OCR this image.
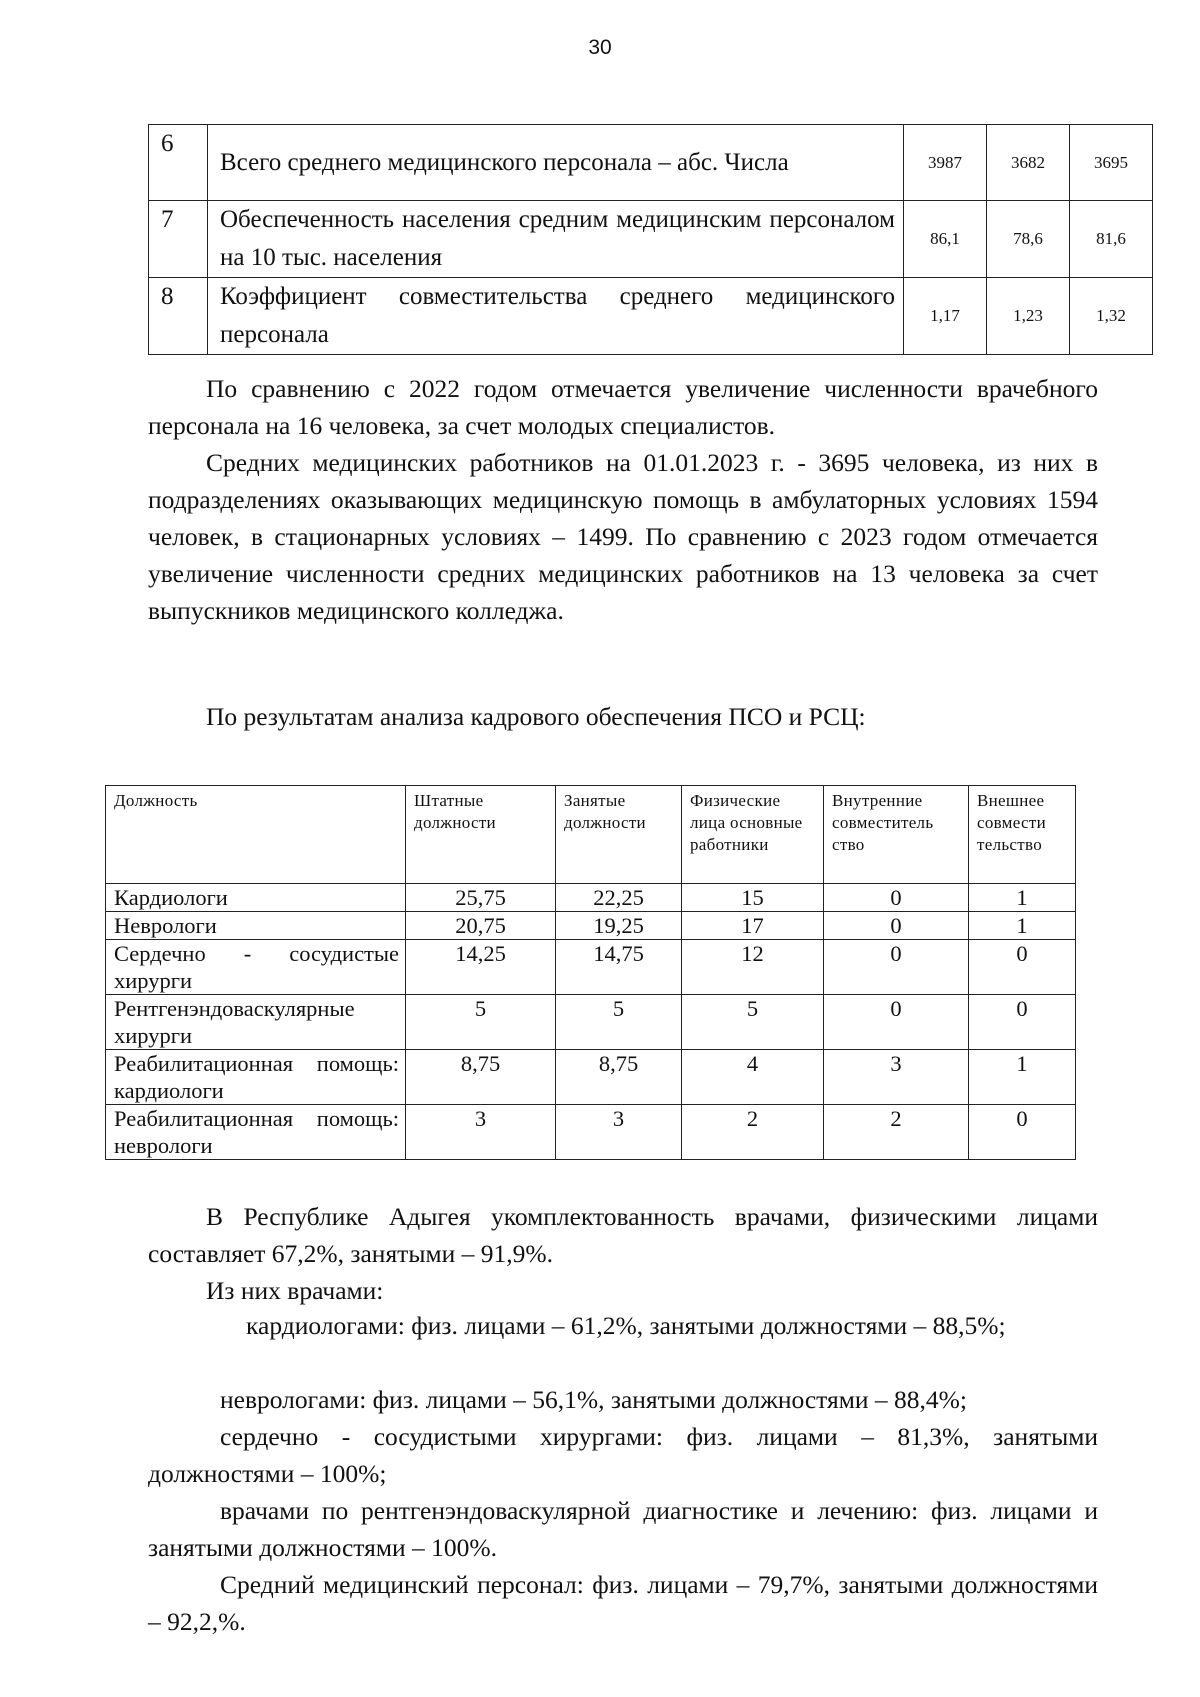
30
6	Всего среднего медицинского персонала – абс. Числа	3987	3682	3695
7	Обеспеченность населения средним медицинским персоналом на 10 тыс. населения	86,1	78,6	81,6
8	Коэффициент совместительства среднего медицинского персонала	1,17	1,23	1,32

По сравнению с 2022 годом отмечается увеличение численности врачебного персонала на 16 человека, за счет молодых специалистов.

Средних медицинских работников на 01.01.2023 г. - 3695 человека, из них в подразделениях оказывающих медицинскую помощь в амбулаторных условиях 1594 человек, в стационарных условиях – 1499. По сравнению с 2023 годом отмечается увеличение численности средних медицинских работников на 13 человека за счет выпускников медицинского колледжа.

По результатам анализа кадрового обеспечения ПСО и РСЦ:

Должность	Штатные должности	Занятые должности	Физические лица основные работники	Внутренние совместитель ство	Внешнее совмести тельство
Кардиологи	25,75	22,25	15	0	1
Неврологи	20,75	19,25	17	0	1
Сердечно - сосудистые хирурги	14,25	14,75	12	0	0
Рентгенэндоваскулярные хирурги	5	5	5	0	0
Реабилитационная помощь: кардиологи	8,75	8,75	4	3	1
Реабилитационная помощь: неврологи	3	3	2	2	0

В Республике Адыгея укомплектованность врачами, физическими лицами составляет 67,2%, занятыми – 91,9%.

Из них врачами:

кардиологами: физ. лицами – 61,2%, занятыми должностями – 88,5%;

неврологами: физ. лицами – 56,1%, занятыми должностями – 88,4%;

сердечно - сосудистыми хирургами: физ. лицами – 81,3%, занятыми должностями – 100%;

врачами по рентгенэндоваскулярной диагностике и лечению: физ. лицами и занятыми должностями – 100%.

Средний медицинский персонал: физ. лицами – 79,7%, занятыми должностями – 92,2,%.
